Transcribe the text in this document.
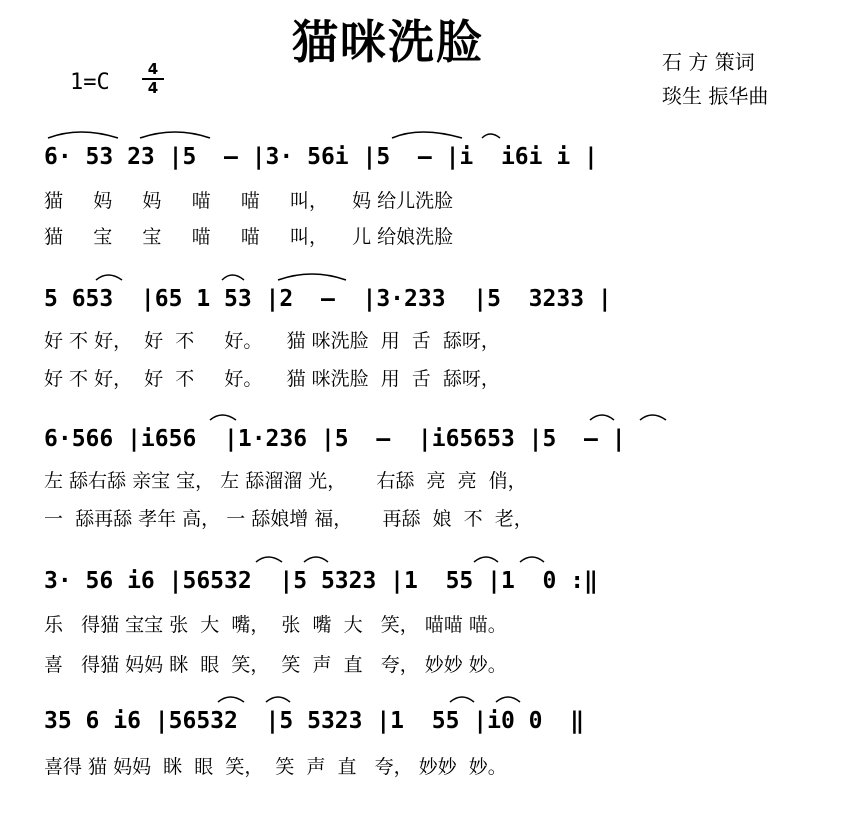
猫咪洗脸
1=C
4
4
石 方 策词
琰生 振华曲
6· 53 23 |5  – |3· 56i |5  – |i  i6i i |
猫     妈     妈     喵     喵     叫，    妈 给儿洗脸
猫     宝     宝     喵     喵     叫，    儿 给娘洗脸
5 653  |65 1 53 |2  –  |3·233  |5  3233 |
好 不 好，  好  不     好。    猫 咪洗脸  用  舌  舔呀，
好 不 好，  好  不     好。    猫 咪洗脸  用  舌  舔呀，
6·566 |i656  |1·236 |5  –  |i65653 |5  – |
左 舔右舔 亲宝 宝， 左 舔溜溜 光，     右舔  亮  亮  俏，
一  舔再舔 孝年 高， 一 舔娘增 福，     再舔  娘  不  老，
3· 56 i6 |56532  |5 5323 |1  55 |1  0 :‖
乐   得猫 宝宝 张  大  嘴，  张  嘴  大   笑， 喵喵 喵。
喜   得猫 妈妈 眯  眼  笑，  笑  声  直   夸， 妙妙 妙。
35 6 i6 |56532  |5 5323 |1  55 |i0 0  ‖
喜得 猫 妈妈  眯  眼  笑，  笑  声  直   夸， 妙妙  妙。
